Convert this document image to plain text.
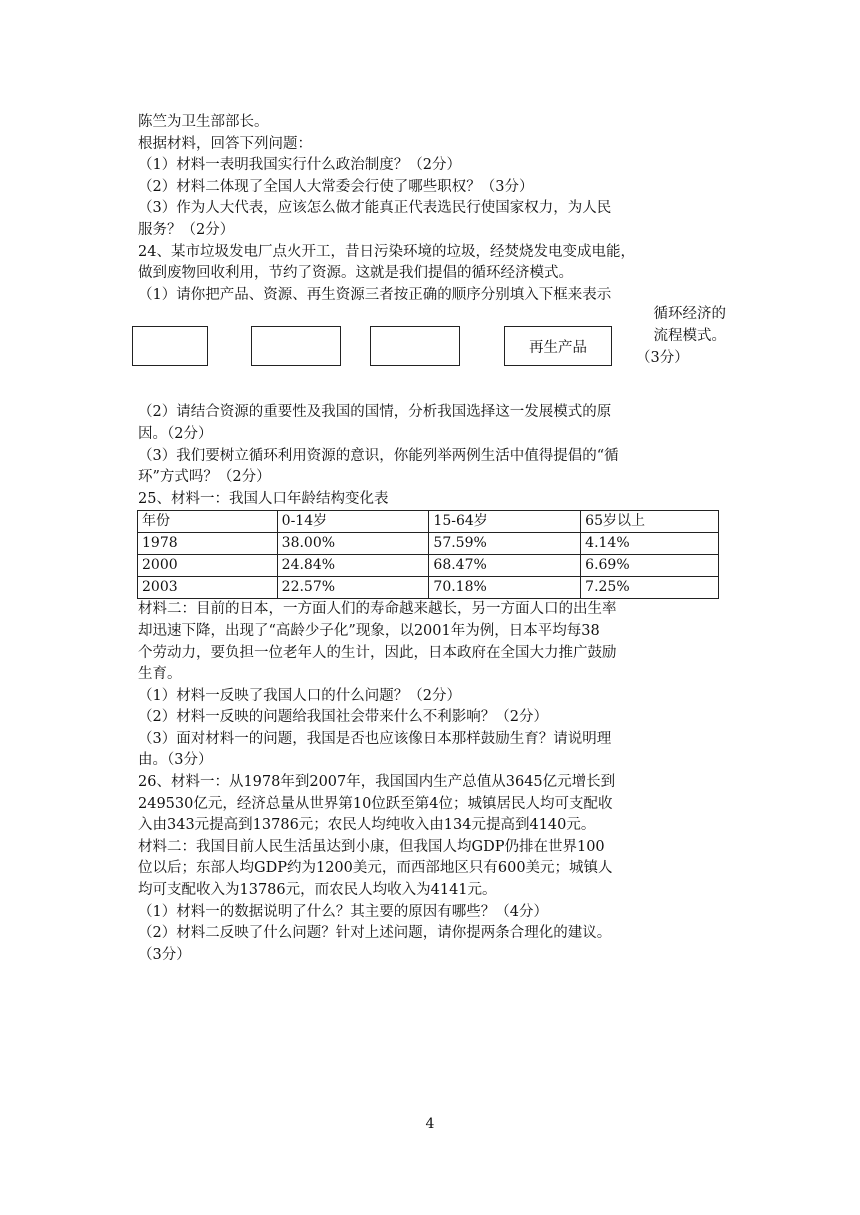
陈竺为卫生部部长。
根据材料，回答下列问题：
（1）材料一表明我国实行什么政治制度？（2分）
（2）材料二体现了全国人大常委会行使了哪些职权？（3分）
（3）作为人大代表，应该怎么做才能真正代表选民行使国家权力，为人民
服务？（2分）
24、某市垃圾发电厂点火开工，昔日污染环境的垃圾，经焚烧发电变成电能，
做到废物回收利用，节约了资源。这就是我们提倡的循环经济模式。
（1）请你把产品、资源、再生资源三者按正确的顺序分别填入下框来表示
再生产品
循环经济的
流程模式。
（3分）
（2）请结合资源的重要性及我国的国情，分析我国选择这一发展模式的原
因。（2分）
（3）我们要树立循环利用资源的意识，你能列举两例生活中值得提倡的“循
环”方式吗？（2分）
25、材料一：我国人口年龄结构变化表
年份	0-14岁	15-64岁	65岁以上
1978	38.00%	57.59%	4.14%
2000	24.84%	68.47%	6.69%
2003	22.57%	70.18%	7.25%
材料二：目前的日本，一方面人们的寿命越来越长，另一方面人口的出生率
却迅速下降，出现了“高龄少子化”现象，以2001年为例，日本平均每38
个劳动力，要负担一位老年人的生计，因此，日本政府在全国大力推广鼓励
生育。
（1）材料一反映了我国人口的什么问题？（2分）
（2）材料一反映的问题给我国社会带来什么不利影响？（2分）
（3）面对材料一的问题，我国是否也应该像日本那样鼓励生育？请说明理
由。（3分）
26、材料一：从1978年到2007年，我国国内生产总值从3645亿元增长到
249530亿元，经济总量从世界第10位跃至第4位；城镇居民人均可支配收
入由343元提高到13786元；农民人均纯收入由134元提高到4140元。
材料二：我国目前人民生活虽达到小康，但我国人均GDP仍排在世界100
位以后；东部人均GDP约为1200美元，而西部地区只有600美元；城镇人
均可支配收入为13786元，而农民人均收入为4141元。
（1）材料一的数据说明了什么？其主要的原因有哪些？（4分）
（2）材料二反映了什么问题？针对上述问题，请你提两条合理化的建议。
（3分）
4
